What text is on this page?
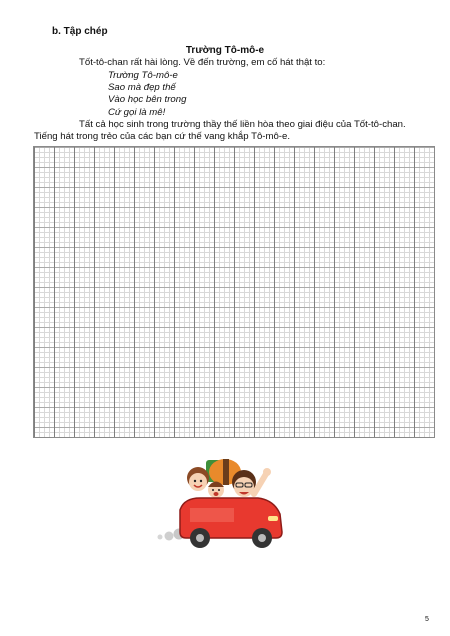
b. Tập chép
Trường Tô-mô-e
Tốt-tô-chan rất hài lòng. Về đến trường, em cố hát thật to:
Trường Tô-mô-e
Sao mà đẹp thế
Vào học bên trong
Cứ gọi là mê!
Tất cả học sinh trong trường thầy thế liền hòa theo giai điệu của Tốt-tô-chan. Tiếng hát trong trẻo của các bạn cứ thế vang khắp Tô-mô-e.
5
